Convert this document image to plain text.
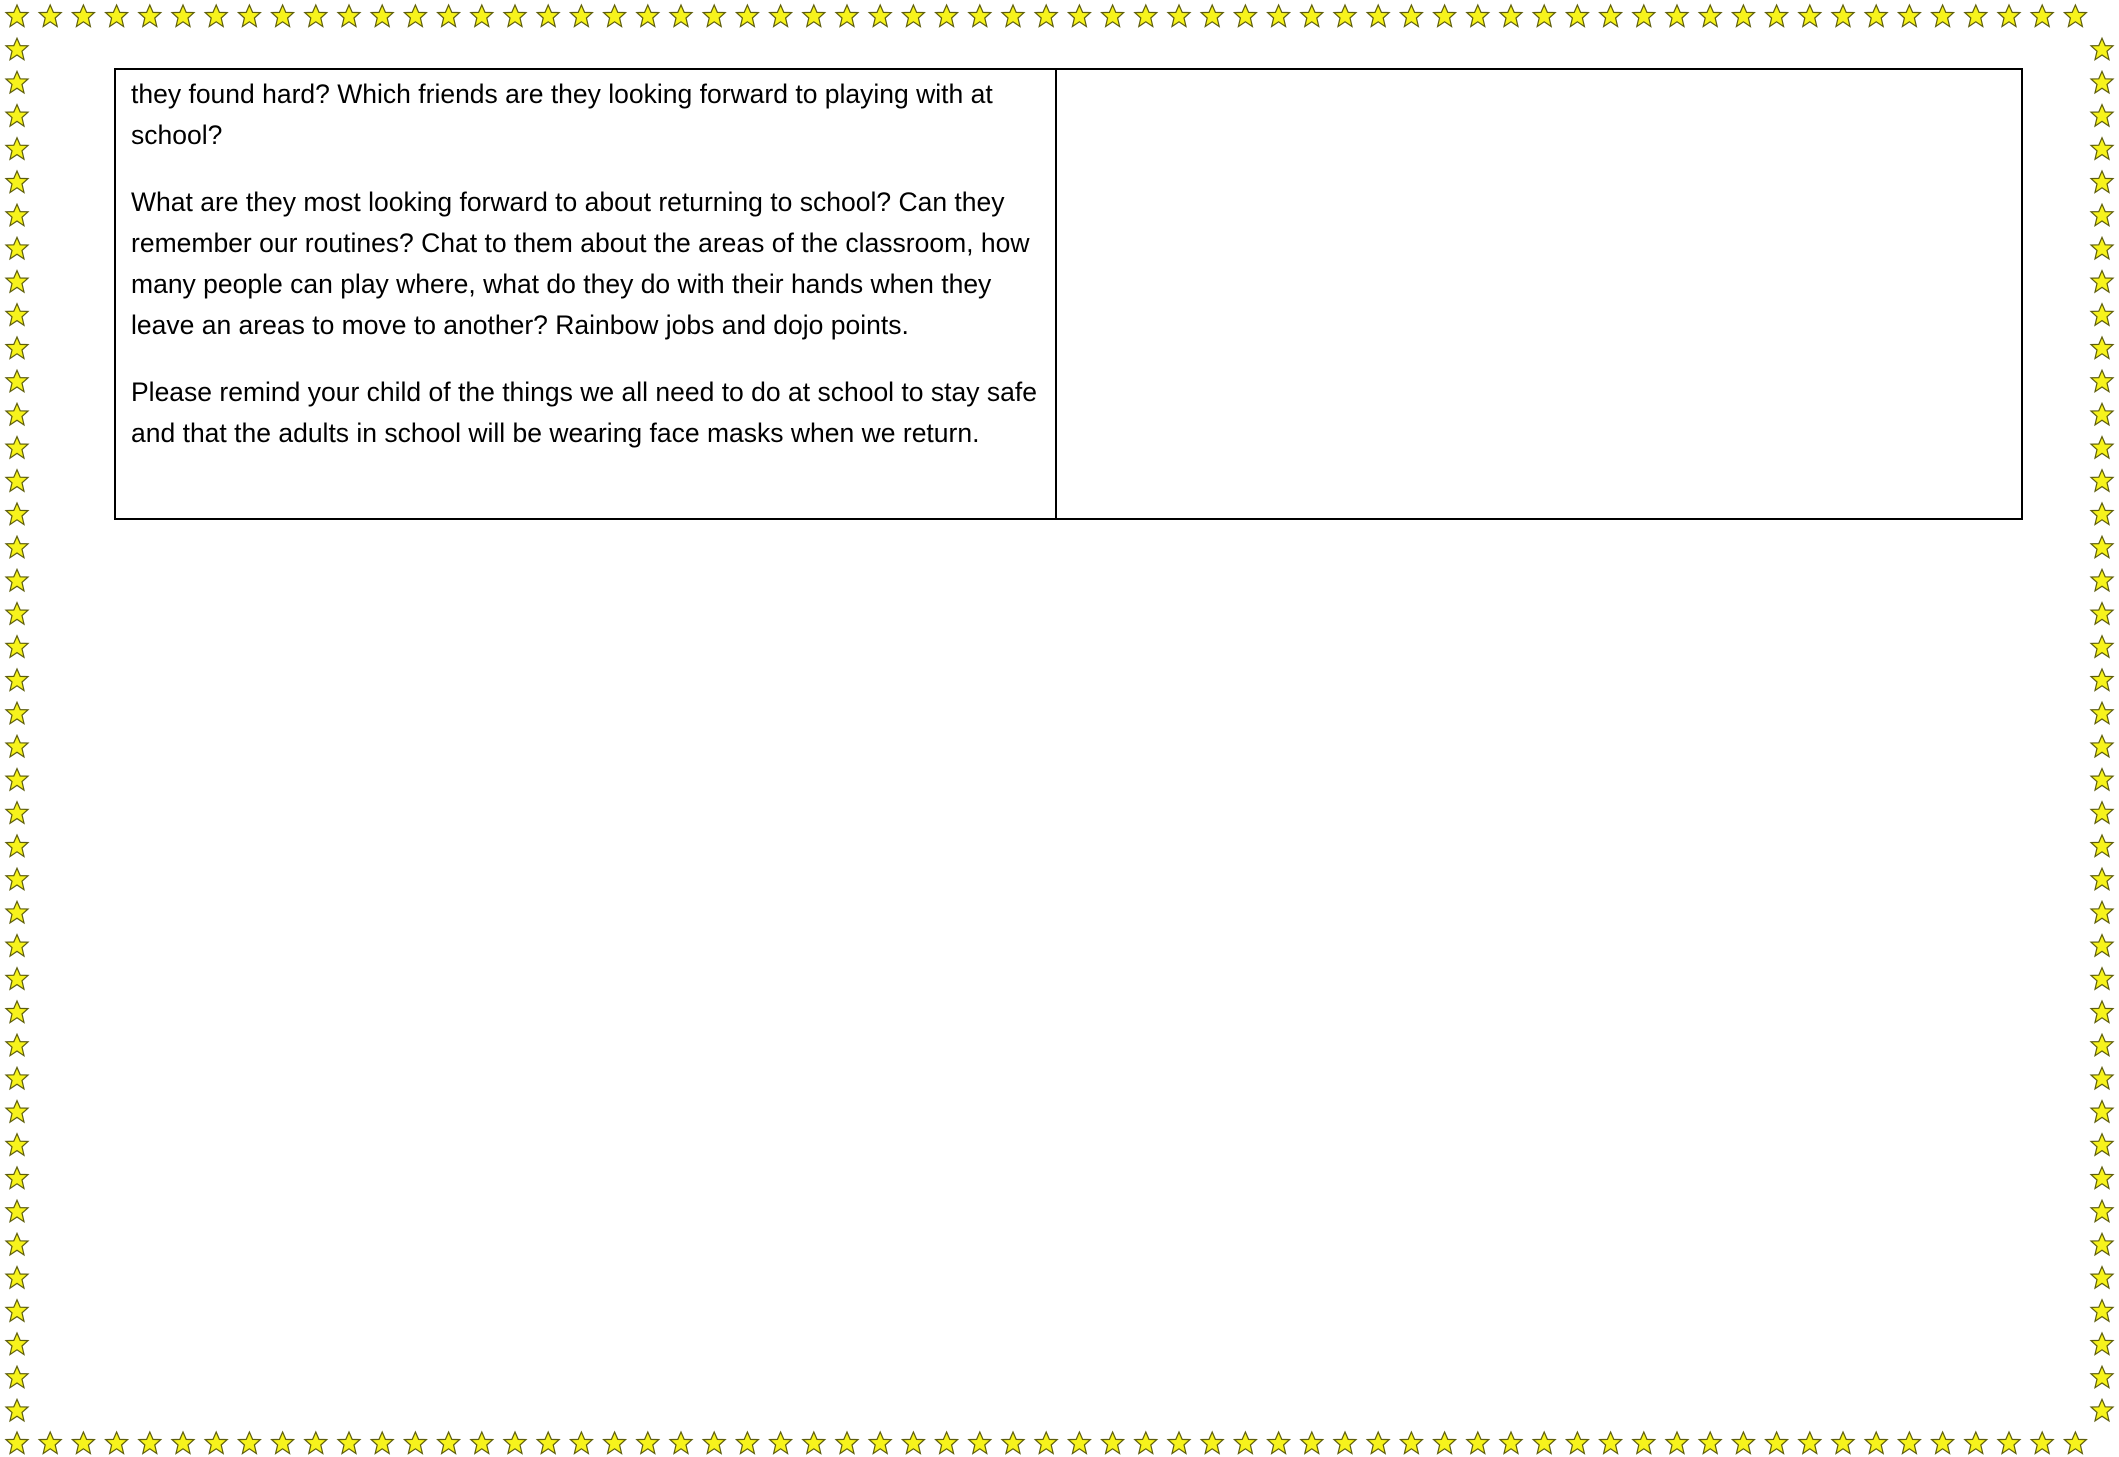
they found hard? Which friends are they looking forward to playing with at school?

What are they most looking forward to about returning to school? Can they remember our routines? Chat to them about the areas of the classroom, how many people can play where, what do they do with their hands when they leave an areas to move to another? Rainbow jobs and dojo points.

Please remind your child of the things we all need to do at school to stay safe and that the adults in school will be wearing face masks when we return.
